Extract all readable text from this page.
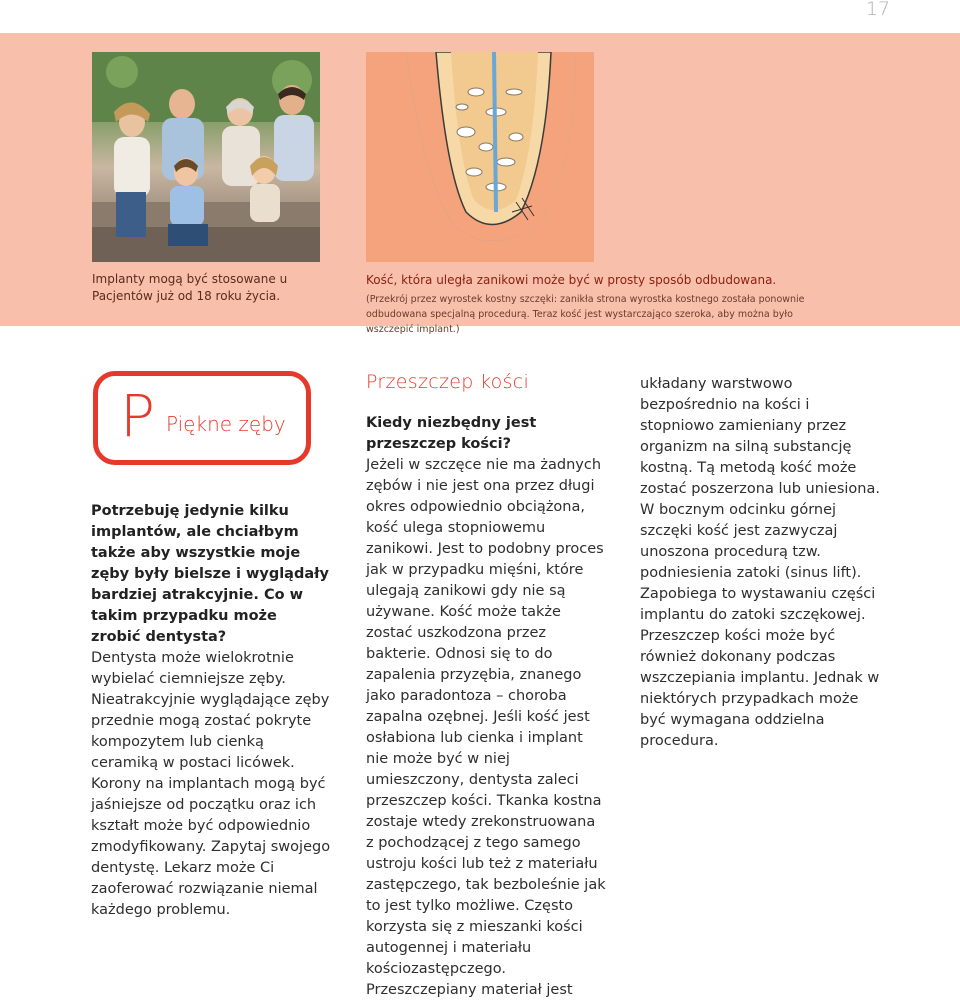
17
Implanty mogą być stosowane u Pacjentów już od 18 roku życia.
Kość, która uległa zanikowi może być w prosty sposób odbudowana.
(Przekrój przez wyrostek kostny szczęki: zanikła strona wyrostka kostnego została ponownie odbudowana specjalną procedurą. Teraz kość jest wystarczająco szeroka, aby można było wszczepić implant.)
P Piękne zęby
Potrzebuję jedynie kilku implantów, ale chciałbym także aby wszystkie moje zęby były bielsze i wyglądały bardziej atrakcyjnie. Co w takim przypadku może zrobić dentysta?
Dentysta może wielokrotnie wybielać ciemniejsze zęby. Nieatrakcyjnie wyglądające zęby przednie mogą zostać pokryte kompozytem lub cienką ceramiką w postaci licówek. Korony na implantach mogą być jaśniejsze od początku oraz ich kształt może być odpowiednio zmodyfikowany. Zapytaj swojego dentystę. Lekarz może Ci zaoferować rozwiązanie niemal każdego problemu.
Przeszczep kości
Kiedy niezbędny jest przeszczep kości?
Jeżeli w szczęce nie ma żadnych zębów i nie jest ona przez długi okres odpowiednio obciążona, kość ulega stopniowemu zanikowi. Jest to podobny proces jak w przypadku mięśni, które ulegają zanikowi gdy nie są używane. Kość może także zostać uszkodzona przez bakterie. Odnosi się to do zapalenia przyzębia, znanego jako paradontoza – choroba zapalna ozębnej. Jeśli kość jest osłabiona lub cienka i implant nie może być w niej umieszczony, dentysta zaleci przeszczep kości. Tkanka kostna zostaje wtedy zrekonstruowana z pochodzącej z tego samego ustroju kości lub też z materiału zastępczego, tak bezboleśnie jak to jest tylko możliwe. Często korzysta się z mieszanki kości autogennej i materiału kościozastępczego. Przeszczepiany materiał jest
układany warstwowo bezpośrednio na kości i stopniowo zamieniany przez organizm na silną substancję kostną. Tą metodą kość może zostać poszerzona lub uniesiona. W bocznym odcinku górnej szczęki kość jest zazwyczaj unoszona procedurą tzw. podniesienia zatoki (sinus lift). Zapobiega to wystawaniu części implantu do zatoki szczękowej. Przeszczep kości może być również dokonany podczas wszczepiania implantu. Jednak w niektórych przypadkach może być wymagana oddzielna procedura.
